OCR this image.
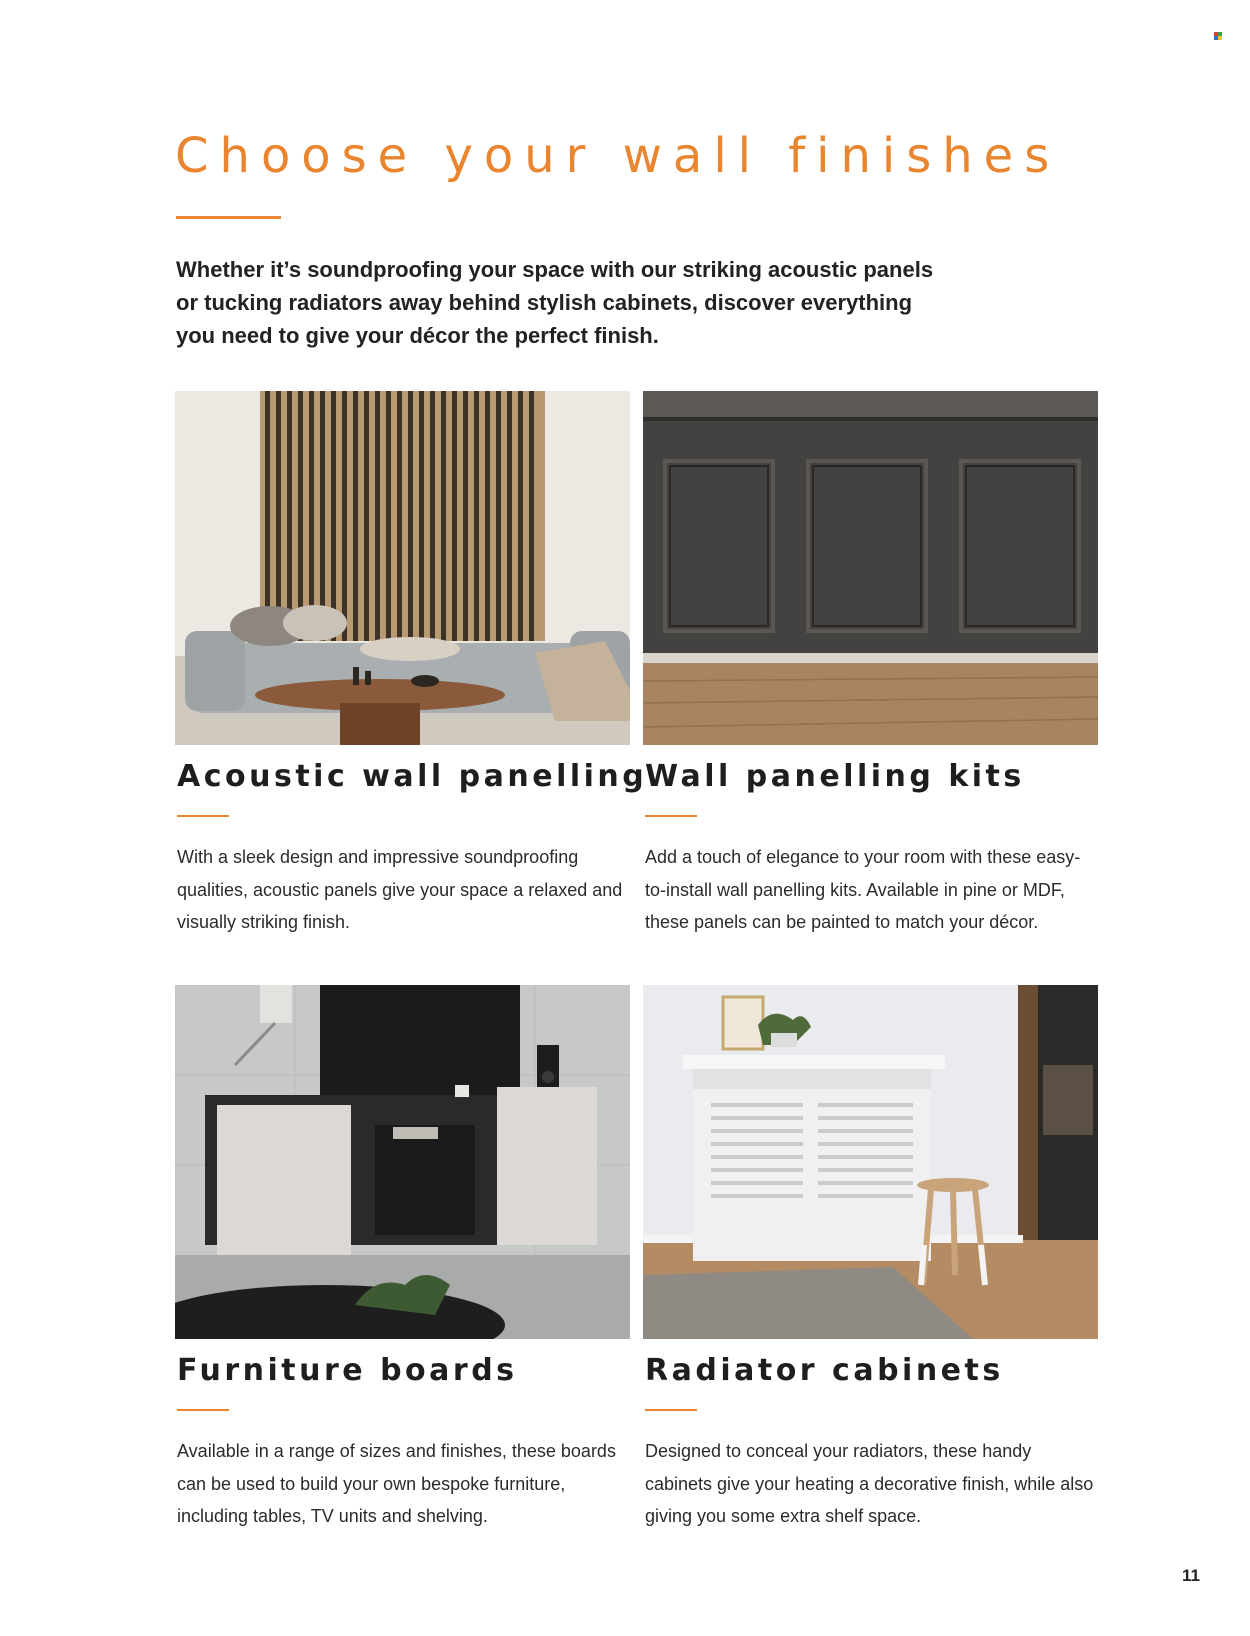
Choose your wall finishes

Whether it’s soundproofing your space with our striking acoustic panels or tucking radiators away behind stylish cabinets, discover everything you need to give your décor the perfect finish.

Acoustic wall panelling

With a sleek design and impressive soundproofing qualities, acoustic panels give your space a relaxed and visually striking finish.

Wall panelling kits

Add a touch of elegance to your room with these easy-to-install wall panelling kits. Available in pine or MDF, these panels can be painted to match your décor.

Furniture boards

Available in a range of sizes and finishes, these boards can be used to build your own bespoke furniture, including tables, TV units and shelving.

Radiator cabinets

Designed to conceal your radiators, these handy cabinets give your heating a decorative finish, while also giving you some extra shelf space.

11
